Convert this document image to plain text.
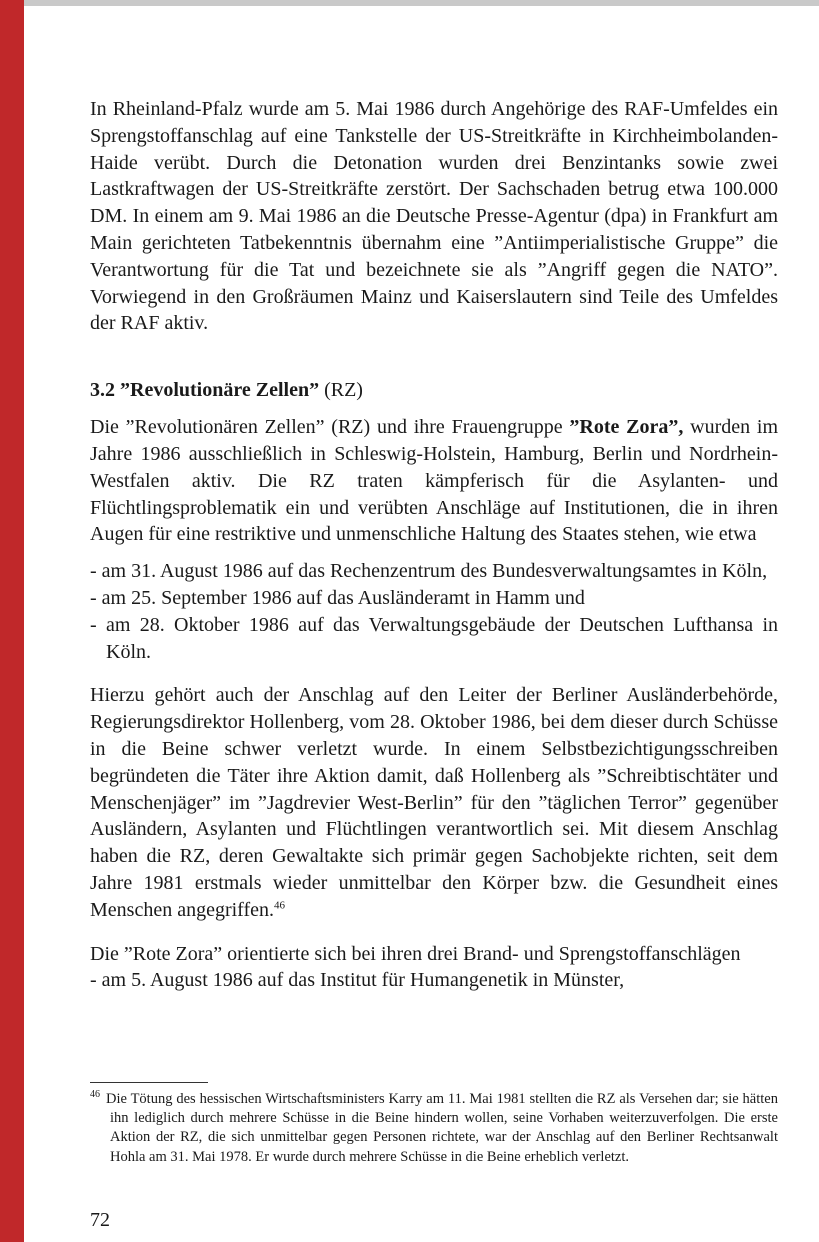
In Rheinland-Pfalz wurde am 5. Mai 1986 durch Angehörige des RAF-Umfeldes ein Sprengstoffanschlag auf eine Tankstelle der US-Streitkräfte in Kirchheimbolanden-Haide verübt. Durch die Detonation wurden drei Benzintanks sowie zwei Lastkraftwagen der US-Streitkräfte zerstört. Der Sachschaden betrug etwa 100.000 DM. In einem am 9. Mai 1986 an die Deutsche Presse-Agentur (dpa) in Frankfurt am Main gerichteten Tatbekenntnis übernahm eine ”Antiimperialistische Gruppe” die Verantwortung für die Tat und bezeichnete sie als ”Angriff gegen die NATO”. Vorwiegend in den Großräumen Mainz und Kaiserslautern sind Teile des Umfeldes der RAF aktiv.

3.2 ”Revolutionäre Zellen” (RZ)

Die ”Revolutionären Zellen” (RZ) und ihre Frauengruppe ”Rote Zora”, wurden im Jahre 1986 ausschließlich in Schleswig-Holstein, Hamburg, Berlin und Nordrhein-Westfalen aktiv. Die RZ traten kämpferisch für die Asylanten- und Flüchtlingsproblematik ein und verübten Anschläge auf Institutionen, die in ihren Augen für eine restriktive und unmenschliche Haltung des Staates stehen, wie etwa

- am 31. August 1986 auf das Rechenzentrum des Bundesverwaltungsamtes in Köln,
- am 25. September 1986 auf das Ausländeramt in Hamm und
- am 28. Oktober 1986 auf das Verwaltungsgebäude der Deutschen Lufthansa in Köln.

Hierzu gehört auch der Anschlag auf den Leiter der Berliner Ausländerbehörde, Regierungsdirektor Hollenberg, vom 28. Oktober 1986, bei dem dieser durch Schüsse in die Beine schwer verletzt wurde. In einem Selbstbezichtigungsschreiben begründeten die Täter ihre Aktion damit, daß Hollenberg als ”Schreibtischtäter und Menschenjäger” im ”Jagdrevier West-Berlin” für den ”täglichen Terror” gegenüber Ausländern, Asylanten und Flüchtlingen verantwortlich sei. Mit diesem Anschlag haben die RZ, deren Gewaltakte sich primär gegen Sachobjekte richten, seit dem Jahre 1981 erstmals wieder unmittelbar den Körper bzw. die Gesundheit eines Menschen angegriffen.$^{46}$

Die ”Rote Zora” orientierte sich bei ihren drei Brand- und Sprengstoffanschlägen

- am 5. August 1986 auf das Institut für Humangenetik in Münster,

$^{46}$ Die Tötung des hessischen Wirtschaftsministers Karry am 11. Mai 1981 stellten die RZ als Versehen dar; sie hätten ihn lediglich durch mehrere Schüsse in die Beine hindern wollen, seine Vorhaben weiterzuverfolgen. Die erste Aktion der RZ, die sich unmittelbar gegen Personen richtete, war der Anschlag auf den Berliner Rechtsanwalt Hohla am 31. Mai 1978. Er wurde durch mehrere Schüsse in die Beine erheblich verletzt.

72
